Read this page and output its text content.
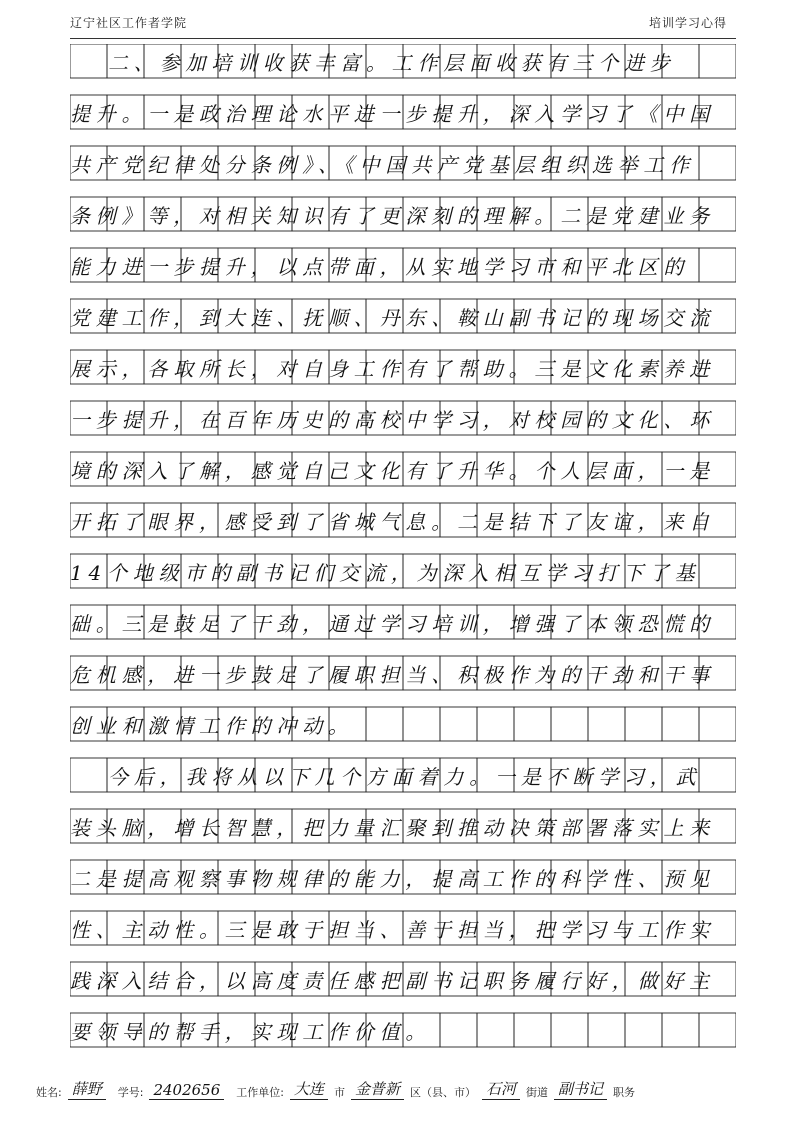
辽宁社区工作者学院	培训学习心得
二、参加培训收获丰富。工作层面收获有三个进步
提升。一是政治理论水平进一步提升，深入学习了《中国
共产党纪律处分条例》、《中国共产党基层组织选举工作
条例》等，对相关知识有了更深刻的理解。二是党建业务
能力进一步提升，以点带面，从实地学习市和平北区的
党建工作，到大连、抚顺、丹东、鞍山副书记的现场交流
展示，各取所长，对自身工作有了帮助。三是文化素养进
一步提升，在百年历史的高校中学习，对校园的文化、环
境的深入了解，感觉自己文化有了升华。个人层面，一是
开拓了眼界，感受到了省城气息。二是结下了友谊，来自
14个地级市的副书记们交流，为深入相互学习打下了基
础。三是鼓足了干劲，通过学习培训，增强了本领恐慌的
危机感，进一步鼓足了履职担当、积极作为的干劲和干事
创业和激情工作的冲动。
今后，我将从以下几个方面着力。一是不断学习，武
装头脑，增长智慧，把力量汇聚到推动决策部署落实上来
二是提高观察事物规律的能力，提高工作的科学性、预见
性、主动性。三是敢于担当、善于担当，把学习与工作实
践深入结合，以高度责任感把副书记职务履行好，做好主
要领导的帮手，实现工作价值。
姓名: 薛野	学号: 2402656	工作单位: 大连 市 金普新 区（县、市） 石河 街道 副书记 职务
